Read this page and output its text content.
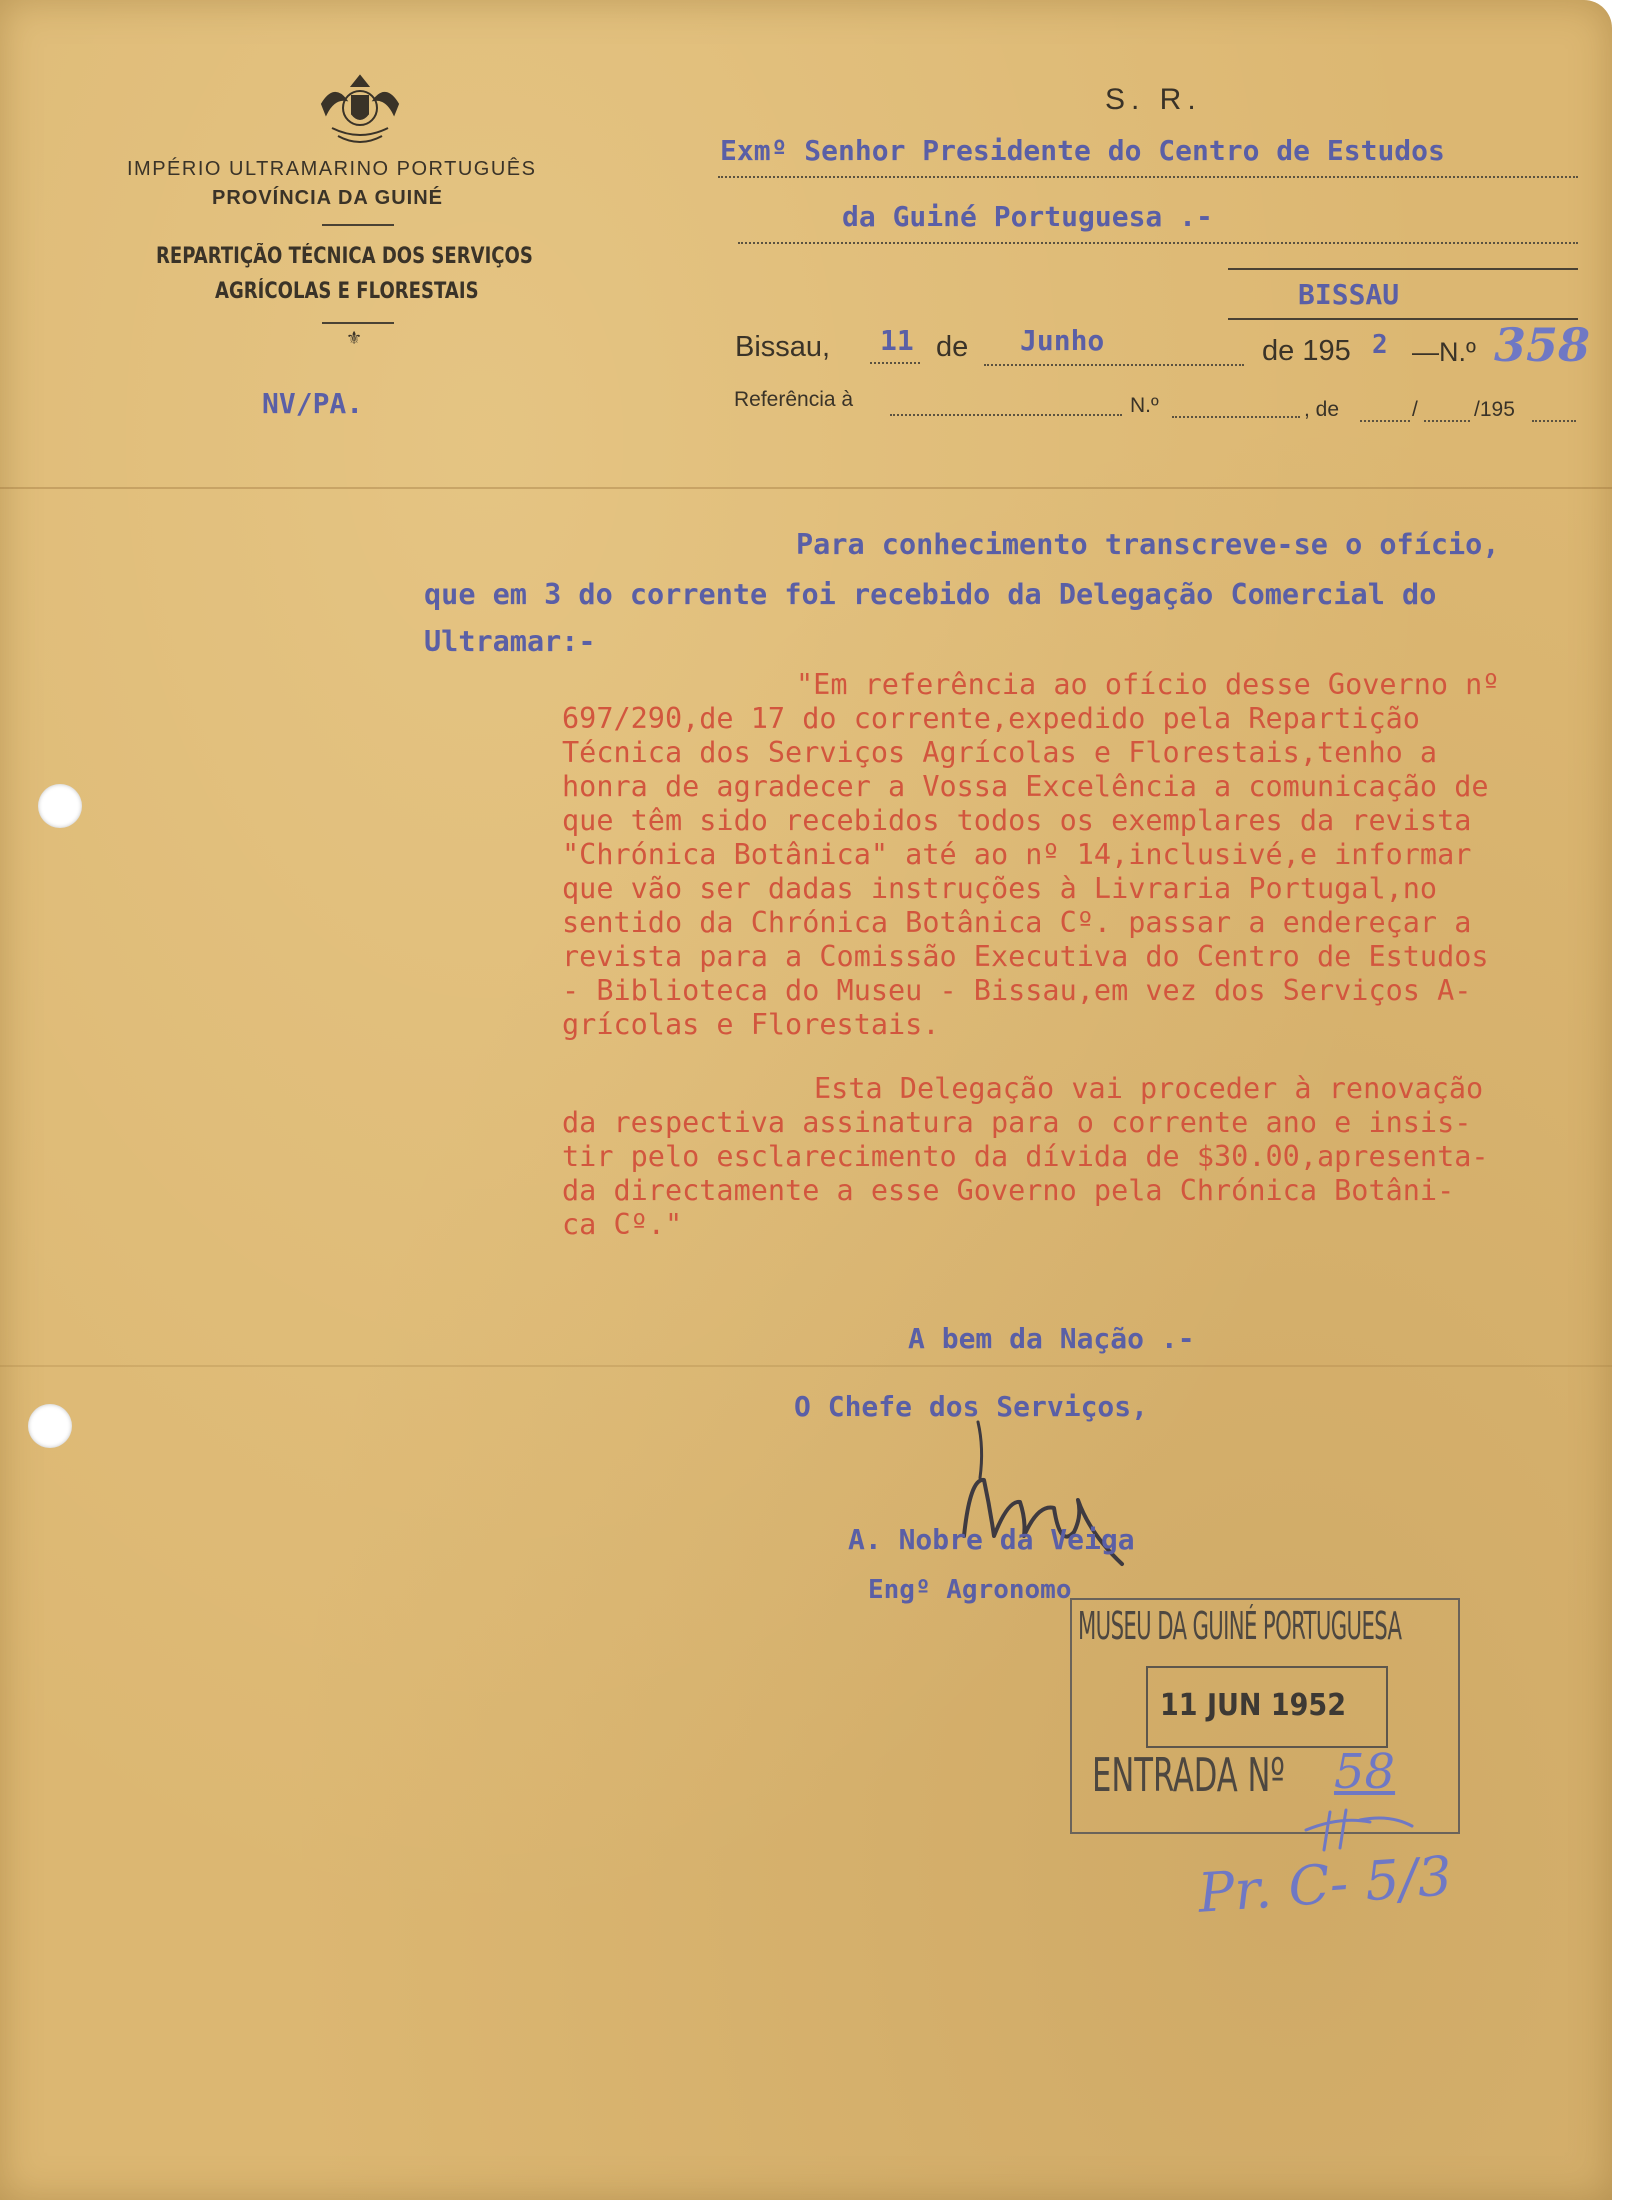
IMPÉRIO ULTRAMARINO PORTUGUÊS
PROVÍNCIA DA GUINÉ
REPARTIÇÃO TÉCNICA DOS SERVIÇOS
AGRÍCOLAS E FLORESTAIS
⚜
NV/PA.
S. R.
Exmº Senhor Presidente do Centro de Estudos
da Guiné Portuguesa .-
BISSAU
Bissau, 11 de Junho	de 195 2 —N.º 358
Referência à	N.º	, de	/	/195
Para conhecimento transcreve-se o ofício,
que em 3 do corrente foi recebido da Delegação Comercial do
Ultramar:-
"Em referência ao ofício desse Governo nº
697/290,de 17 do corrente,expedido pela Repartição
Técnica dos Serviços Agrícolas e Florestais,tenho a
honra de agradecer a Vossa Excelência a comunicação de
que têm sido recebidos todos os exemplares da revista
"Chrónica Botânica" até ao nº 14,inclusivé,e informar
que vão ser dadas instruções à Livraria Portugal,no
sentido da Chrónica Botânica Cº. passar a endereçar a
revista para a Comissão Executiva do Centro de Estudos
- Biblioteca do Museu - Bissau,em vez dos Serviços A-
grícolas e Florestais.
Esta Delegação vai proceder à renovação
da respectiva assinatura para o corrente ano e insis-
tir pelo esclarecimento da dívida de $30.00,apresenta-
da directamente a esse Governo pela Chrónica Botâni-
ca Cº."
A bem da Nação .-
O Chefe dos Serviços,
A. Nobre da Veiga
Engº Agronomo
MUSEU DA GUINÉ PORTUGUESA
11 JUN 1952
ENTRADA Nº 58
Pr. C- 5/3
